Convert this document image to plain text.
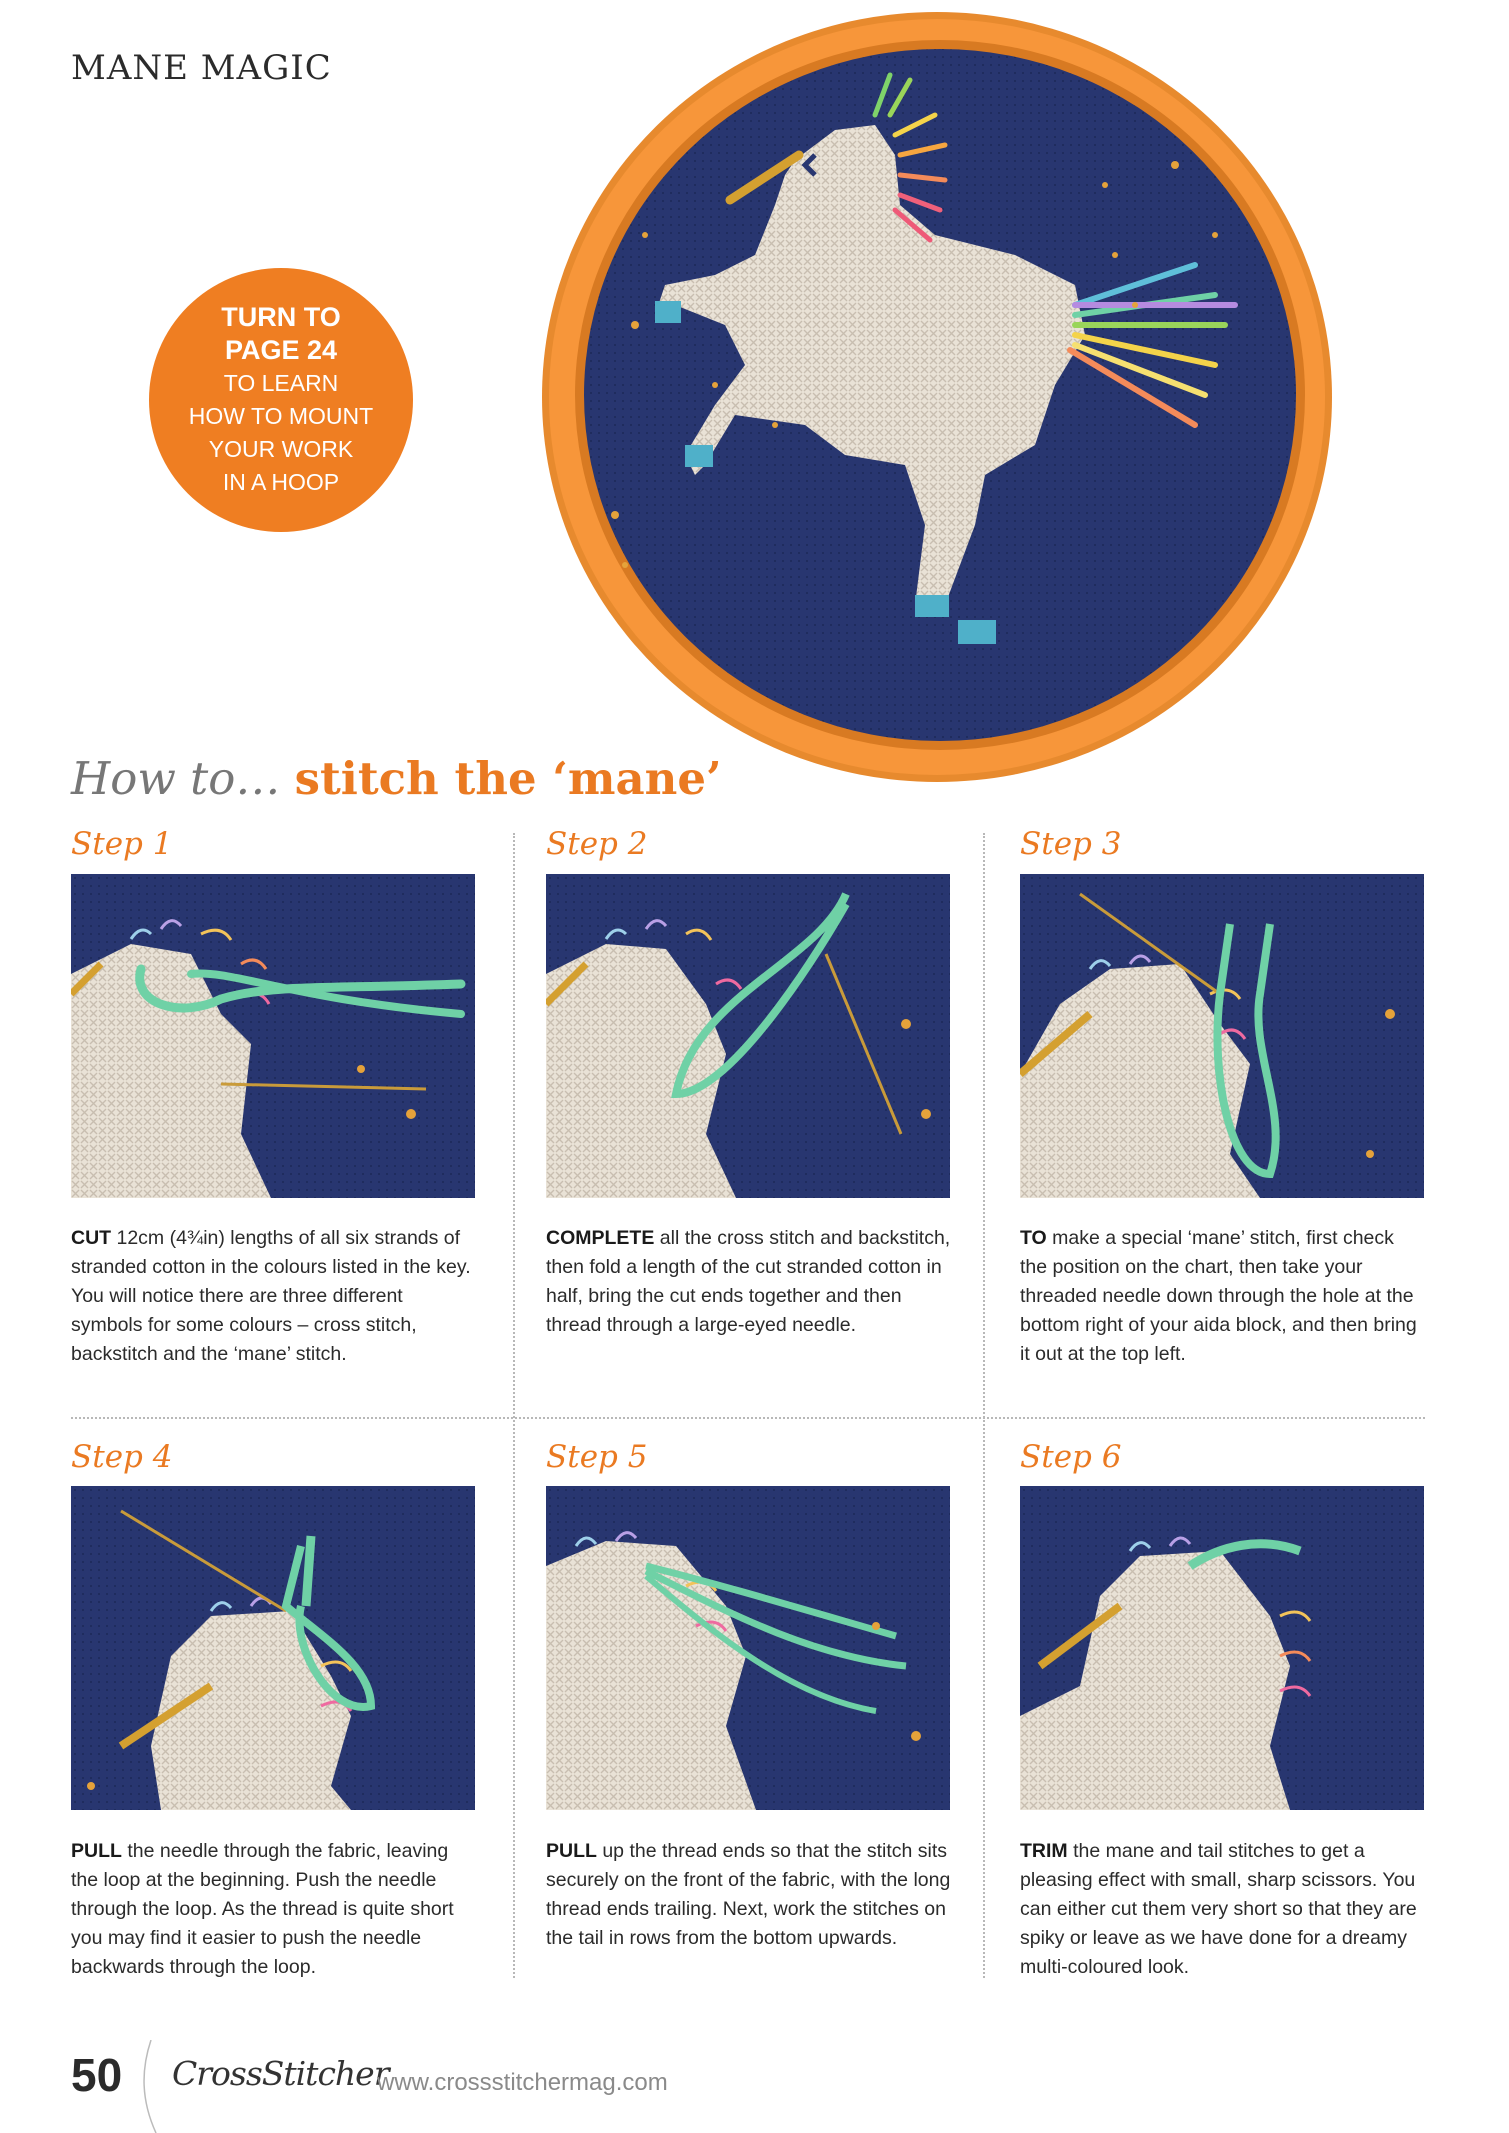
MANE MAGIC
TURN TO
PAGE 24
TO LEARN
HOW TO MOUNT
YOUR WORK
IN A HOOP
How to… stitch the ‘mane’
Step 1
CUT 12cm (4¾in) lengths of all six strands of stranded cotton in the colours listed in the key. You will notice there are three different symbols for some colours – cross stitch, backstitch and the ‘mane’ stitch.
Step 2
COMPLETE all the cross stitch and backstitch, then fold a length of the cut stranded cotton in half, bring the cut ends together and then thread through a large-eyed needle.
Step 3
TO make a special ‘mane’ stitch, first check the position on the chart, then take your threaded needle down through the hole at the bottom right of your aida block, and then bring it out at the top left.
Step 4
PULL the needle through the fabric, leaving the loop at the beginning. Push the needle through the loop. As the thread is quite short you may find it easier to push the needle backwards through the loop.
Step 5
PULL up the thread ends so that the stitch sits securely on the front of the fabric, with the long thread ends trailing. Next, work the stitches on the tail in rows from the bottom upwards.
Step 6
TRIM the mane and tail stitches to get a pleasing effect with small, sharp scissors. You can either cut them very short so that they are spiky or leave as we have done for a dreamy multi-coloured look.
50 CrossStitcher
www.crossstitchermag.com
